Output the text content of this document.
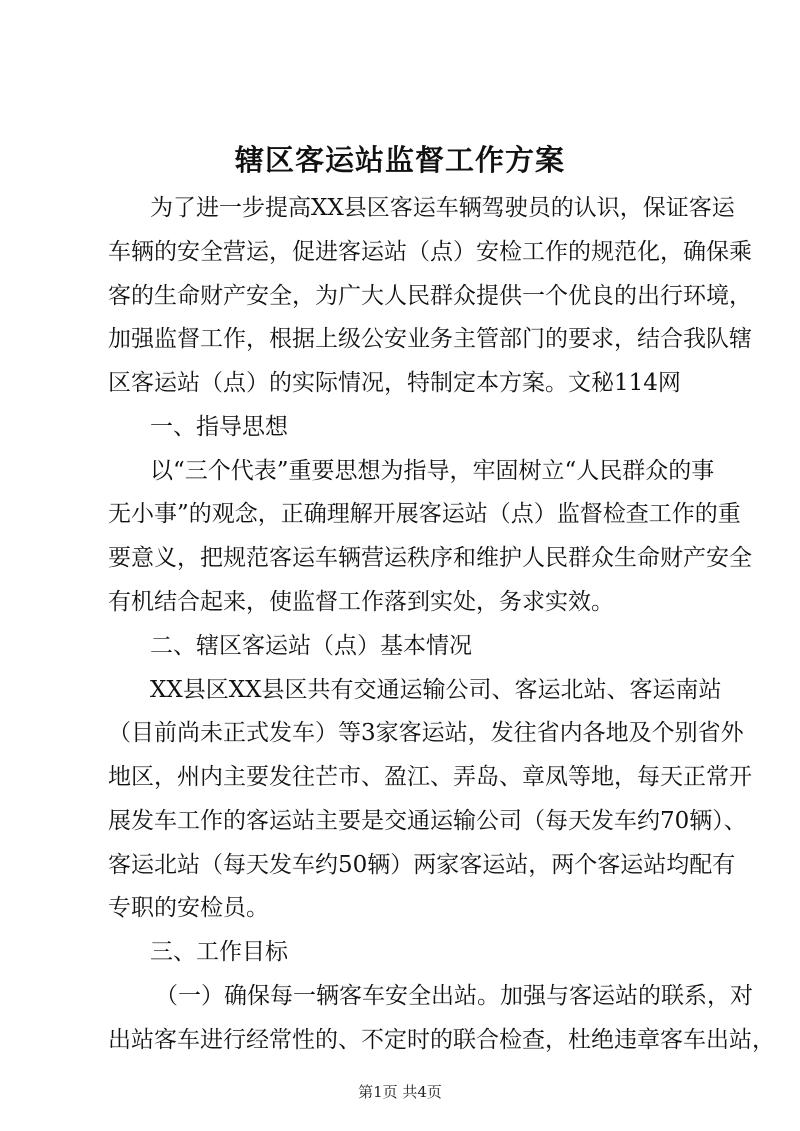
辖区客运站监督工作方案
为了进一步提高XX县区客运车辆驾驶员的认识，保证客运
车辆的安全营运，促进客运站（点）安检工作的规范化，确保乘
客的生命财产安全，为广大人民群众提供一个优良的出行环境，
加强监督工作，根据上级公安业务主管部门的要求，结合我队辖
区客运站（点）的实际情况，特制定本方案。文秘114网
一、指导思想
以“三个代表”重要思想为指导，牢固树立“人民群众的事
无小事”的观念，正确理解开展客运站（点）监督检查工作的重
要意义，把规范客运车辆营运秩序和维护人民群众生命财产安全
有机结合起来，使监督工作落到实处，务求实效。
二、辖区客运站（点）基本情况
XX县区XX县区共有交通运输公司、客运北站、客运南站
（目前尚未正式发车）等3家客运站，发往省内各地及个别省外
地区，州内主要发往芒市、盈江、弄岛、章凤等地，每天正常开
展发车工作的客运站主要是交通运输公司（每天发车约70辆）、
客运北站（每天发车约50辆）两家客运站，两个客运站均配有
专职的安检员。
三、工作目标
（一）确保每一辆客车安全出站。加强与客运站的联系，对
出站客车进行经常性的、不定时的联合检查，杜绝违章客车出站，
第1页 共4页
